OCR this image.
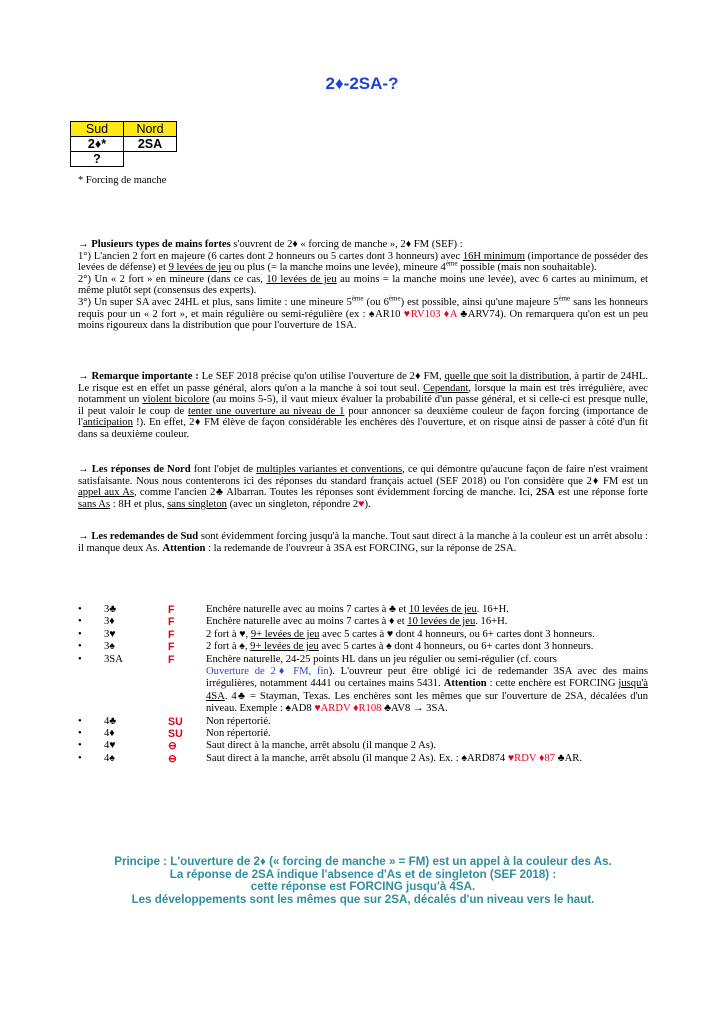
2♦-2SA-?
Sud	Nord
2♦*	2SA
?	
* Forcing de manche

→ Plusieurs types de mains fortes s'ouvrent de 2♦ « forcing de manche », 2♦ FM (SEF) :

1°) L'ancien 2 fort en majeure (6 cartes dont 2 honneurs ou 5 cartes dont 3 honneurs) avec 16H minimum (importance de posséder des levées de défense) et 9 levées de jeu ou plus (= la manche moins une levée), mineure 4ème possible (mais non souhaitable).

2°) Un « 2 fort » en mineure (dans ce cas, 10 levées de jeu au moins = la manche moins une levée), avec 6 cartes au minimum, et même plutôt sept (consensus des experts).

3°) Un super SA avec 24HL et plus, sans limite : une mineure 5ème (ou 6ème) est possible, ainsi qu'une majeure 5ème sans les honneurs requis pour un « 2 fort », et main régulière ou semi-régulière (ex : ♠AR10 ♥RV103 ♦A ♣ARV74). On remarquera qu'on est un peu moins rigoureux dans la distribution que pour l'ouverture de 1SA.

→ Remarque importante : Le SEF 2018 précise qu'on utilise l'ouverture de 2♦ FM, quelle que soit la distribution, à partir de 24HL. Le risque est en effet un passe général, alors qu'on a la manche à soi tout seul. Cependant, lorsque la main est très irrégulière, avec notamment un violent bicolore (au moins 5-5), il vaut mieux évaluer la probabilité d'un passe général, et si celle-ci est presque nulle, il peut valoir le coup de tenter une ouverture au niveau de 1 pour annoncer sa deuxième couleur de façon forcing (importance de l'anticipation !). En effet, 2♦ FM élève de façon considérable les enchères dès l'ouverture, et on risque ainsi de passer à côté d'un fit dans sa deuxième couleur.

→ Les réponses de Nord font l'objet de multiples variantes et conventions, ce qui démontre qu'aucune façon de faire n'est vraiment satisfaisante. Nous nous contenterons ici des réponses du standard français actuel (SEF 2018) ou l'on considère que 2♦ FM est un appel aux As, comme l'ancien 2♣ Albarran. Toutes les réponses sont évidemment forcing de manche. Ici, 2SA est une réponse forte sans As : 8H et plus, sans singleton (avec un singleton, répondre 2♥).

→ Les redemandes de Sud sont évidemment forcing jusqu'à la manche. Tout saut direct à la manche à la couleur est un arrêt absolu : il manque deux As. Attention : la redemande de l'ouvreur à 3SA est FORCING, sur la réponse de 2SA.

•	3♣	F	Enchère naturelle avec au moins 7 cartes à ♣ et 10 levées de jeu. 16+H.
•	3♦	F	Enchère naturelle avec au moins 7 cartes à ♦ et 10 levées de jeu. 16+H.
•	3♥	F	2 fort à ♥, 9+ levées de jeu avec 5 cartes à ♥ dont 4 honneurs, ou 6+ cartes dont 3 honneurs.
•	3♠	F	2 fort à ♠, 9+ levées de jeu avec 5 cartes à ♠ dont 4 honneurs, ou 6+ cartes dont 3 honneurs.
•	3SA	F	Enchère naturelle, 24-25 points HL dans un jeu régulier ou semi-régulier (cf. cours
Ouverture de 2♦ FM, fin). L'ouvreur peut être obligé ici de redemander 3SA avec des mains irrégulières, notamment 4441 ou certaines mains 5431. Attention : cette enchère est FORCING jusqu'à 4SA. 4♣ = Stayman, Texas. Les enchères sont les mêmes que sur l'ouverture de 2SA, décalées d'un niveau. Exemple : ♠AD8 ♥ARDV ♦R108 ♣AV8 → 3SA.
•	4♣	SU	Non répertorié.
•	4♦	SU	Non répertorié.
•	4♥	⊖	Saut direct à la manche, arrêt absolu (il manque 2 As).
•	4♠	⊖	Saut direct à la manche, arrêt absolu (il manque 2 As). Ex. : ♠ARD874 ♥RDV ♦87 ♣AR.
Principe : L'ouverture de 2♦ (« forcing de manche » = FM) est un appel à la couleur des As.
La réponse de 2SA indique l'absence d'As et de singleton (SEF 2018) :
cette réponse est FORCING jusqu'à 4SA.
Les développements sont les mêmes que sur 2SA, décalés d'un niveau vers le haut.
